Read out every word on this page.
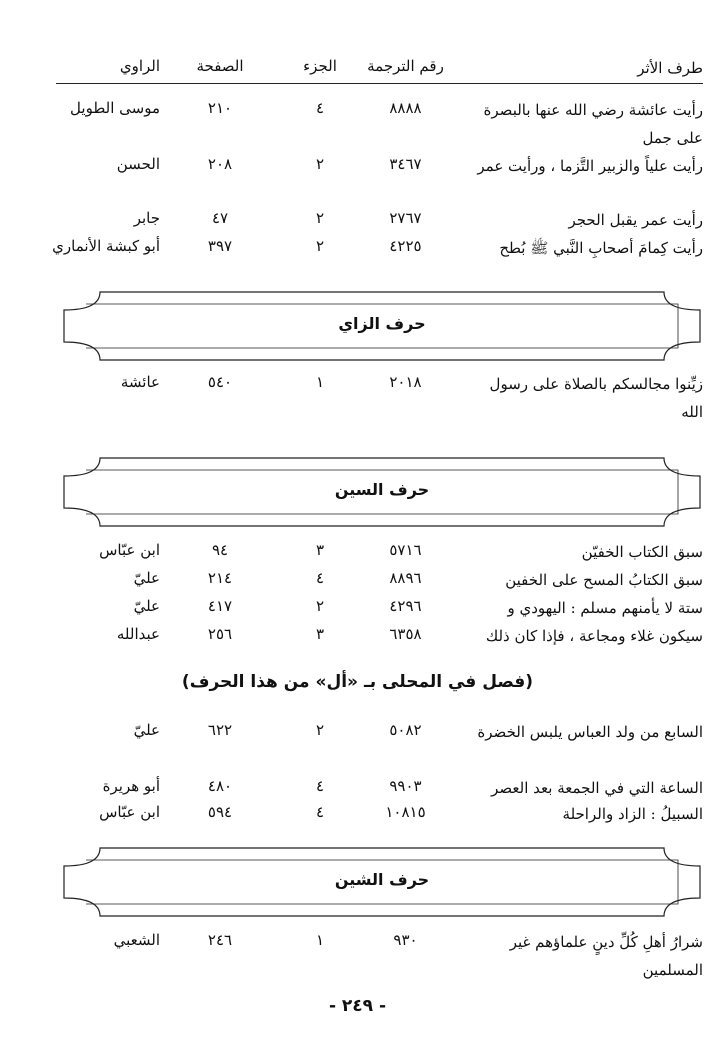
طرف الأثر
رقم الترجمة
الجزء
الصفحة
الراوي
رأيت عائشة رضي الله عنها بالبصرة على جمل
٨٨٨٨
٤
٢١٠
موسى الطويل
رأيت علياً والزبير التَّزما ، ورأيت عمر
٣٤٦٧
٢
٢٠٨
الحسن
رأيت عمر يقبل الحجر
٢٧٦٧
٢
٤٧
جابر
رأيت كِمامَ أصحابِ النَّبي ﷺ بُطح
٤٢٢٥
٢
٣٩٧
أبو كبشة الأنماري
حرف الزاي
زيِّنوا مجالسكم بالصلاة على رسول الله
٢٠١٨
١
٥٤٠
عائشة
حرف السين
سبق الكتاب الخفيّن
٥٧١٦
٣
٩٤
ابن عبّاس
سبق الكتابُ المسح على الخفين
٨٨٩٦
٤
٢١٤
عليّ
ستة لا يأمنهم مسلم : اليهودي و
٤٢٩٦
٢
٤١٧
عليّ
سيكون غلاء ومجاعة ، فإذا كان ذلك
٦٣٥٨
٣
٢٥٦
عبدالله
(فصل في المحلى بـ «أل» من هذا الحرف)
السابع من ولد العباس يلبس الخضرة
٥٠٨٢
٢
٦٢٢
عليّ
الساعة التي في الجمعة بعد العصر
٩٩٠٣
٤
٤٨٠
أبو هريرة
السبيلُ : الزاد والراحلة
١٠٨١٥
٤
٥٩٤
ابن عبّاس
حرف الشين
شرارُ أهلِ كُلِّ دينٍ علماؤهم غير المسلمين
٩٣٠
١
٢٤٦
الشعبي
- ٢٤٩ -
